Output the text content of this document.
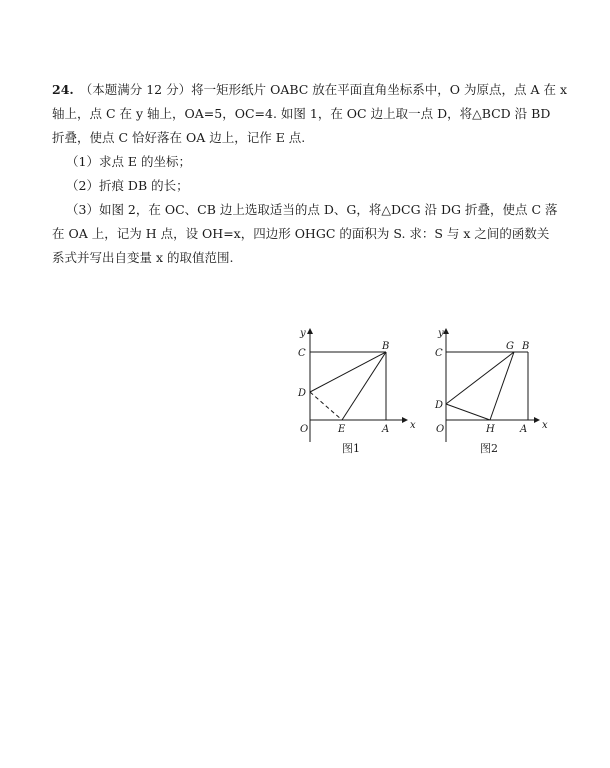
24. （本题满分 12 分）将一矩形纸片 OABC 放在平面直角坐标系中，O 为原点，点 A 在 x
轴上，点 C 在 y 轴上，OA=5，OC=4. 如图 1，在 OC 边上取一点 D，将△BCD 沿 BD
折叠，使点 C 恰好落在 OA 边上，记作 E 点.
（1）求点 E 的坐标；
（2）折痕 DB 的长；
（3）如图 2，在 OC、CB 边上选取适当的点 D、G，将△DCG 沿 DG 折叠，使点 C 落
在 OA 上，记为 H 点，设 OH=x，四边形 OHGC 的面积为 S. 求：S 与 x 之间的函数关
系式并写出自变量 x 的取值范围.
y
x
C
B
D
O	E	A
图1
y
x
C
G B
D
O	H	A
图2
